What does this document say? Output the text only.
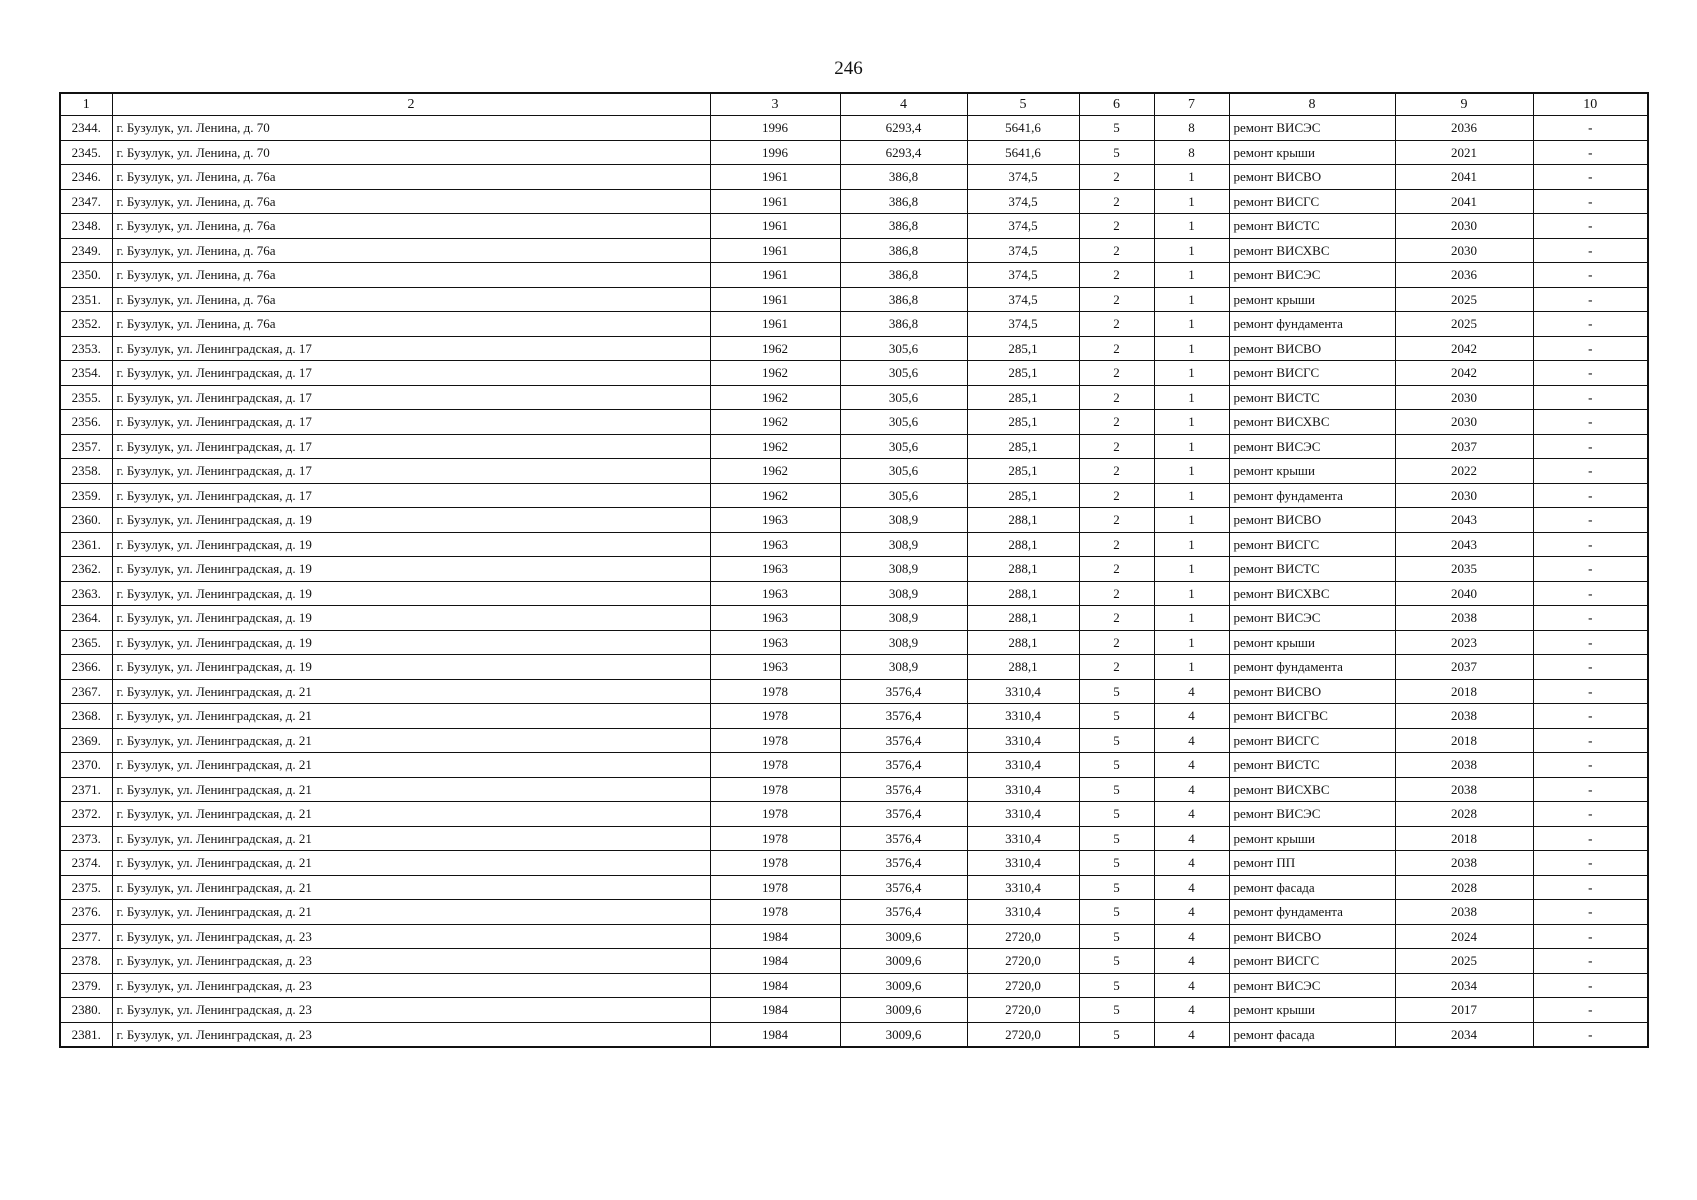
246
1	2	3	4	5	6	7	8	9	10
2344.	г. Бузулук, ул. Ленина, д. 70	1996	6293,4	5641,6	5	8	ремонт ВИСЭС	2036	-
2345.	г. Бузулук, ул. Ленина, д. 70	1996	6293,4	5641,6	5	8	ремонт крыши	2021	-
2346.	г. Бузулук, ул. Ленина, д. 76а	1961	386,8	374,5	2	1	ремонт ВИСВО	2041	-
2347.	г. Бузулук, ул. Ленина, д. 76а	1961	386,8	374,5	2	1	ремонт ВИСГС	2041	-
2348.	г. Бузулук, ул. Ленина, д. 76а	1961	386,8	374,5	2	1	ремонт ВИСТС	2030	-
2349.	г. Бузулук, ул. Ленина, д. 76а	1961	386,8	374,5	2	1	ремонт ВИСХВС	2030	-
2350.	г. Бузулук, ул. Ленина, д. 76а	1961	386,8	374,5	2	1	ремонт ВИСЭС	2036	-
2351.	г. Бузулук, ул. Ленина, д. 76а	1961	386,8	374,5	2	1	ремонт крыши	2025	-
2352.	г. Бузулук, ул. Ленина, д. 76а	1961	386,8	374,5	2	1	ремонт фундамента	2025	-
2353.	г. Бузулук, ул. Ленинградская, д. 17	1962	305,6	285,1	2	1	ремонт ВИСВО	2042	-
2354.	г. Бузулук, ул. Ленинградская, д. 17	1962	305,6	285,1	2	1	ремонт ВИСГС	2042	-
2355.	г. Бузулук, ул. Ленинградская, д. 17	1962	305,6	285,1	2	1	ремонт ВИСТС	2030	-
2356.	г. Бузулук, ул. Ленинградская, д. 17	1962	305,6	285,1	2	1	ремонт ВИСХВС	2030	-
2357.	г. Бузулук, ул. Ленинградская, д. 17	1962	305,6	285,1	2	1	ремонт ВИСЭС	2037	-
2358.	г. Бузулук, ул. Ленинградская, д. 17	1962	305,6	285,1	2	1	ремонт крыши	2022	-
2359.	г. Бузулук, ул. Ленинградская, д. 17	1962	305,6	285,1	2	1	ремонт фундамента	2030	-
2360.	г. Бузулук, ул. Ленинградская, д. 19	1963	308,9	288,1	2	1	ремонт ВИСВО	2043	-
2361.	г. Бузулук, ул. Ленинградская, д. 19	1963	308,9	288,1	2	1	ремонт ВИСГС	2043	-
2362.	г. Бузулук, ул. Ленинградская, д. 19	1963	308,9	288,1	2	1	ремонт ВИСТС	2035	-
2363.	г. Бузулук, ул. Ленинградская, д. 19	1963	308,9	288,1	2	1	ремонт ВИСХВС	2040	-
2364.	г. Бузулук, ул. Ленинградская, д. 19	1963	308,9	288,1	2	1	ремонт ВИСЭС	2038	-
2365.	г. Бузулук, ул. Ленинградская, д. 19	1963	308,9	288,1	2	1	ремонт крыши	2023	-
2366.	г. Бузулук, ул. Ленинградская, д. 19	1963	308,9	288,1	2	1	ремонт фундамента	2037	-
2367.	г. Бузулук, ул. Ленинградская, д. 21	1978	3576,4	3310,4	5	4	ремонт ВИСВО	2018	-
2368.	г. Бузулук, ул. Ленинградская, д. 21	1978	3576,4	3310,4	5	4	ремонт ВИСГВС	2038	-
2369.	г. Бузулук, ул. Ленинградская, д. 21	1978	3576,4	3310,4	5	4	ремонт ВИСГС	2018	-
2370.	г. Бузулук, ул. Ленинградская, д. 21	1978	3576,4	3310,4	5	4	ремонт ВИСТС	2038	-
2371.	г. Бузулук, ул. Ленинградская, д. 21	1978	3576,4	3310,4	5	4	ремонт ВИСХВС	2038	-
2372.	г. Бузулук, ул. Ленинградская, д. 21	1978	3576,4	3310,4	5	4	ремонт ВИСЭС	2028	-
2373.	г. Бузулук, ул. Ленинградская, д. 21	1978	3576,4	3310,4	5	4	ремонт крыши	2018	-
2374.	г. Бузулук, ул. Ленинградская, д. 21	1978	3576,4	3310,4	5	4	ремонт ПП	2038	-
2375.	г. Бузулук, ул. Ленинградская, д. 21	1978	3576,4	3310,4	5	4	ремонт фасада	2028	-
2376.	г. Бузулук, ул. Ленинградская, д. 21	1978	3576,4	3310,4	5	4	ремонт фундамента	2038	-
2377.	г. Бузулук, ул. Ленинградская, д. 23	1984	3009,6	2720,0	5	4	ремонт ВИСВО	2024	-
2378.	г. Бузулук, ул. Ленинградская, д. 23	1984	3009,6	2720,0	5	4	ремонт ВИСГС	2025	-
2379.	г. Бузулук, ул. Ленинградская, д. 23	1984	3009,6	2720,0	5	4	ремонт ВИСЭС	2034	-
2380.	г. Бузулук, ул. Ленинградская, д. 23	1984	3009,6	2720,0	5	4	ремонт крыши	2017	-
2381.	г. Бузулук, ул. Ленинградская, д. 23	1984	3009,6	2720,0	5	4	ремонт фасада	2034	-
